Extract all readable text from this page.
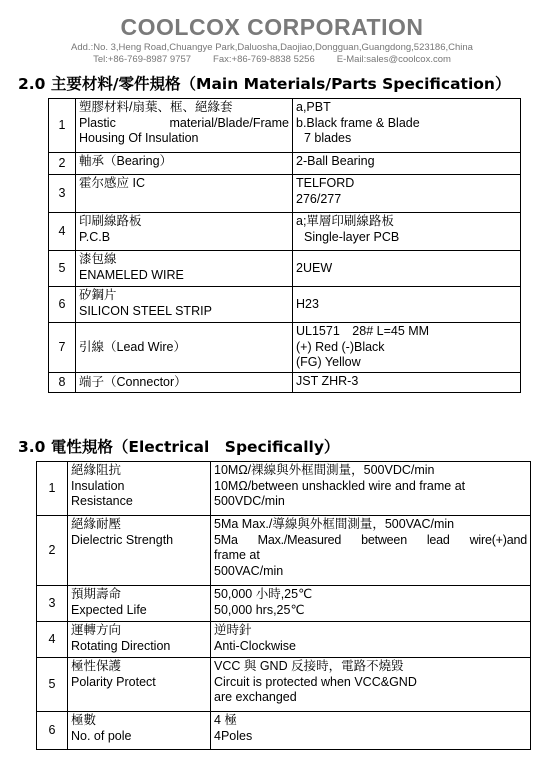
COOLCOX CORPORATION
Add.:No. 3,Heng Road,Chuangye Park,Daluosha,Daojiao,Dongguan,Guangdong,523186,China
Tel:+86-769-8987 9757 Fax:+86-769-8838 5256 E-Mail:sales@coolcox.com
2.0 主要材料/零件規格（Main Materials/Parts Specification）
1	塑膠材料/扇葉、框、絕緣套
Plastic material/Blade/Frame
Housing Of Insulation	a,PBT
b.Black frame & Blade
7 blades

2	軸承（Bearing）	2-Ball Bearing

3	霍尔感应 IC	TELFORD
276/277

4	印刷線路板
P.C.B	a;單層印刷線路板
Single-layer PCB

5	漆包線
ENAMELED WIRE	2UEW

6	矽鋼片
SILICON STEEL STRIP	H23

7	引線（Lead Wire）	UL1571　28# L=45 MM
(+) Red (-)Black
(FG) Yellow

8	端子（Connector）	JST ZHR-3
3.0 電性規格（Electrical　Specifically）
1	絕緣阻抗
Insulation
Resistance	10MΩ/裸線與外框間測量，500VDC/min
10MΩ/between unshackled wire and frame at
500VDC/min

2	絕緣耐壓
Dielectric Strength	5Ma Max./導線與外框間測量，500VAC/min
5Ma Max./Measured between lead wire(+)and
frame at
500VAC/min

3	預期壽命
Expected Life	50,000 小時,25℃
50,000 hrs,25℃

4	運轉方向
Rotating Direction	逆時針
Anti-Clockwise

5	極性保護
Polarity Protect	VCC 與 GND 反接時，電路不燒毀
Circuit is protected when VCC&GND
are exchanged

6	極數
No. of pole	4 極
4Poles
